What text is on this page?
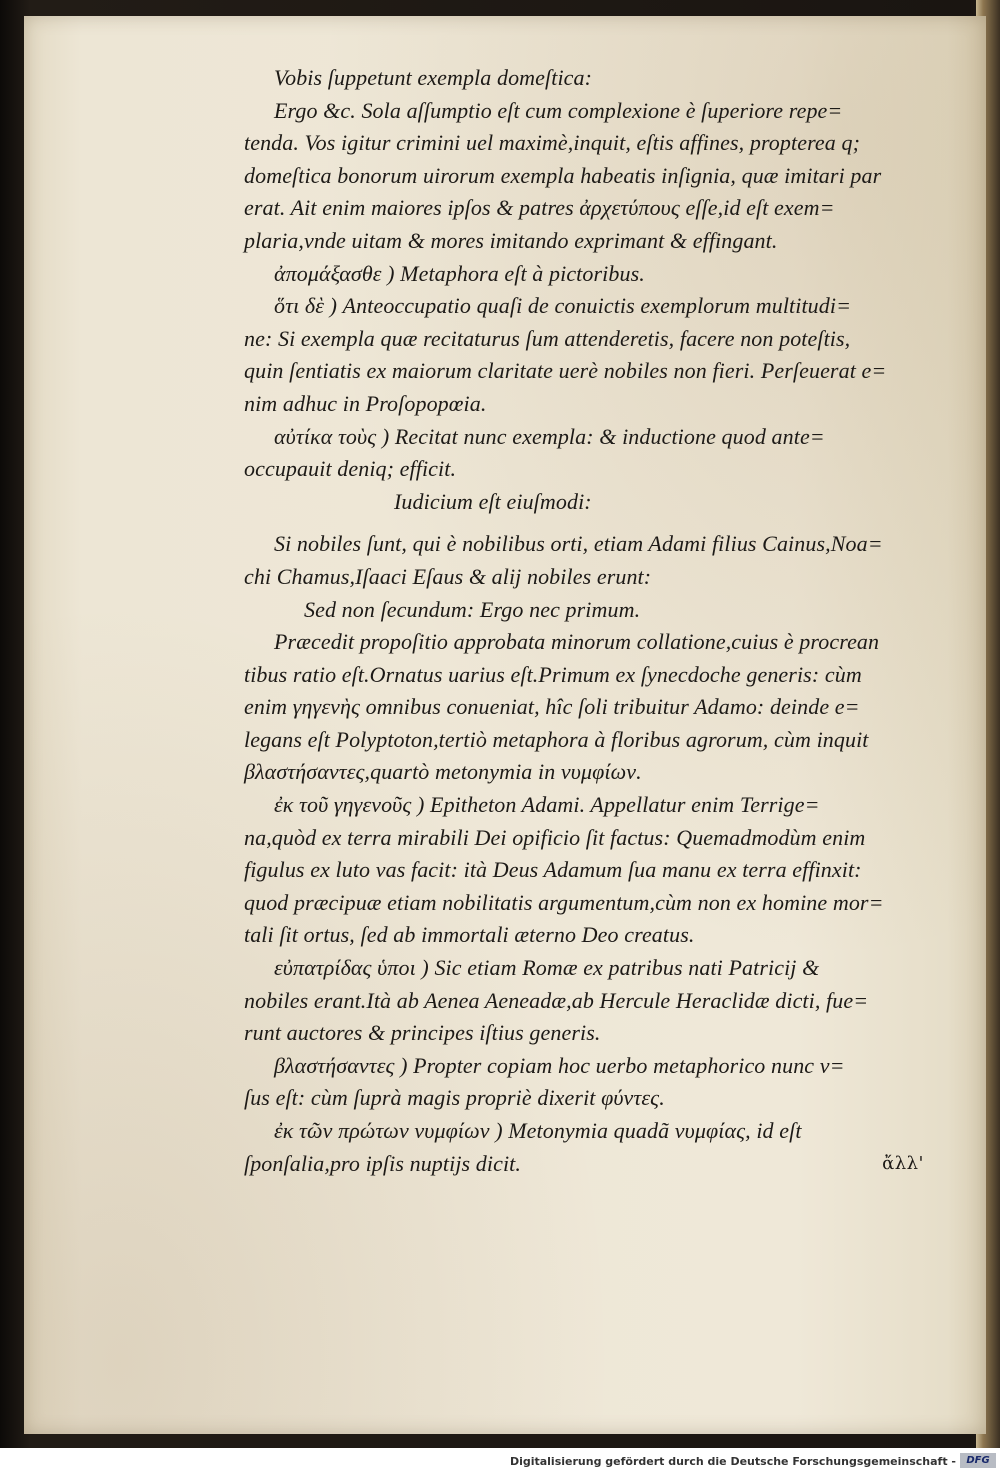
Vobis ſuppetunt exempla domeſtica:
Ergo &c. Sola aſſumptio eſt cum complexione è ſuperiore repe=
tenda. Vos igitur crimini uel maximè,inquit, eſtis affines, propterea q;
domeſtica bonorum uirorum exempla habeatis inſignia, quæ imitari par
erat. Ait enim maiores ipſos & patres ἀρχετύπους eſſe,id eſt exem=
plaria,vnde uitam & mores imitando exprimant & effingant.
ἀπομάξασθε ) Metaphora eſt à pictoribus.
ὅτι δὲ ) Anteoccupatio quaſi de conuictis exemplorum multitudi=
ne: Si exempla quæ recitaturus ſum attenderetis, facere non poteſtis,
quin ſentiatis ex maiorum claritate uerè nobiles non fieri. Perſeuerat e=
nim adhuc in Proſopopœia.
αὐτίκα τοὺς ) Recitat nunc exempla: & inductione quod ante=
occupauit deniq; efficit.
Iudicium eſt eiuſmodi:
Si nobiles ſunt, qui è nobilibus orti, etiam Adami filius Cainus,Noa=
chi Chamus,Iſaaci Eſaus & alij nobiles erunt:
Sed non ſecundum: Ergo nec primum.
Præcedit propoſitio approbata minorum collatione,cuius è procrean
tibus ratio eſt.Ornatus uarius eſt.Primum ex ſynecdoche generis: cùm
enim γηγενὴς omnibus conueniat, hîc ſoli tribuitur Adamo: deinde e=
legans eſt Polyptoton,tertiò metaphora à floribus agrorum, cùm inquit
βλαστήσαντες,quartò metonymia in νυμφίων.
ἐκ τοῦ γηγενοῦς ) Epitheton Adami. Appellatur enim Terrige=
na,quòd ex terra mirabili Dei opificio ſit factus: Quemadmodùm enim
figulus ex luto vas facit: ità Deus Adamum ſua manu ex terra effinxit:
quod præcipuæ etiam nobilitatis argumentum,cùm non ex homine mor=
tali ſit ortus, ſed ab immortali æterno Deo creatus.
εὐπατρίδας ὑποι ) Sic etiam Romæ ex patribus nati Patricij &
nobiles erant.Ità ab Aenea Aeneadæ,ab Hercule Heraclidæ dicti, fue=
runt auctores & principes iſtius generis.
βλαστήσαντες ) Propter copiam hoc uerbo metaphorico nunc v=
ſus eſt: cùm ſuprà magis propriè dixerit φύντες.
ἐκ τῶν πρώτων νυμφίων ) Metonymia quadã νυμφίας, id eſt
ſponſalia,pro ipſis nuptijs dicit.	ἄλλ'
Digitalisierung gefördert durch die Deutsche Forschungsgemeinschaft -	DFG
